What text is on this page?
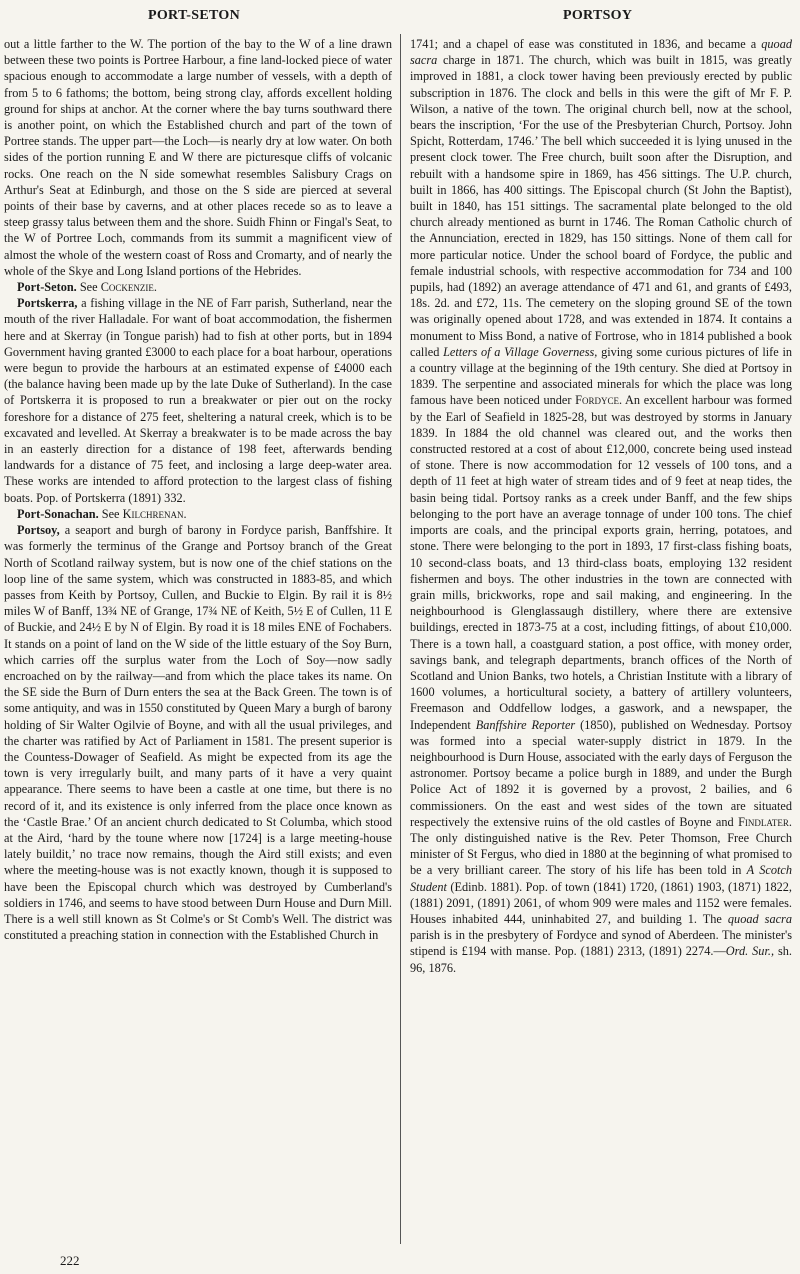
PORT-SETON	PORTSOY

out a little farther to the W. The portion of the bay to the W of a line drawn between these two points is Portree Harbour, a fine land-locked piece of water spacious enough to accommodate a large number of vessels, with a depth of from 5 to 6 fathoms; the bottom, being strong clay, affords excellent holding ground for ships at anchor. At the corner where the bay turns southward there is another point, on which the Established church and part of the town of Portree stands. The upper part—the Loch—is nearly dry at low water. On both sides of the portion running E and W there are picturesque cliffs of volcanic rocks. One reach on the N side somewhat resembles Salisbury Crags on Arthur's Seat at Edinburgh, and those on the S side are pierced at several points of their base by caverns, and at other places recede so as to leave a steep grassy talus between them and the shore. Suidh Fhinn or Fingal's Seat, to the W of Portree Loch, commands from its summit a magnificent view of almost the whole of the western coast of Ross and Cromarty, and of nearly the whole of the Skye and Long Island portions of the Hebrides.

Port-Seton. See Cockenzie.

Portskerra, a fishing village in the NE of Farr parish, Sutherland, near the mouth of the river Halladale. For want of boat accommodation, the fishermen here and at Skerray (in Tongue parish) had to fish at other ports, but in 1894 Government having granted £3000 to each place for a boat harbour, operations were begun to provide the harbours at an estimated expense of £4000 each (the balance having been made up by the late Duke of Sutherland). In the case of Portskerra it is proposed to run a breakwater or pier out on the rocky foreshore for a distance of 275 feet, sheltering a natural creek, which is to be excavated and levelled. At Skerray a breakwater is to be made across the bay in an easterly direction for a distance of 198 feet, afterwards bending landwards for a distance of 75 feet, and inclosing a large deep-water area. These works are intended to afford protection to the largest class of fishing boats. Pop. of Portskerra (1891) 332.

Port-Sonachan. See Kilchrenan.

Portsoy, a seaport and burgh of barony in Fordyce parish, Banffshire. It was formerly the terminus of the Grange and Portsoy branch of the Great North of Scotland railway system, but is now one of the chief stations on the loop line of the same system, which was constructed in 1883-85, and which passes from Keith by Portsoy, Cullen, and Buckie to Elgin. By rail it is 8½ miles W of Banff, 13¾ NE of Grange, 17¾ NE of Keith, 5½ E of Cullen, 11 E of Buckie, and 24½ E by N of Elgin. By road it is 18 miles ENE of Fochabers. It stands on a point of land on the W side of the little estuary of the Soy Burn, which carries off the surplus water from the Loch of Soy—now sadly encroached on by the railway—and from which the place takes its name. On the SE side the Burn of Durn enters the sea at the Back Green. The town is of some antiquity, and was in 1550 constituted by Queen Mary a burgh of barony holding of Sir Walter Ogilvie of Boyne, and with all the usual privileges, and the charter was ratified by Act of Parliament in 1581. The present superior is the Countess-Dowager of Seafield. As might be expected from its age the town is very irregularly built, and many parts of it have a very quaint appearance. There seems to have been a castle at one time, but there is no record of it, and its existence is only inferred from the place once known as the ‘Castle Brae.’ Of an ancient church dedicated to St Columba, which stood at the Aird, ‘hard by the toune where now [1724] is a large meeting-house lately buildit,’ no trace now remains, though the Aird still exists; and even where the meeting-house was is not exactly known, though it is supposed to have been the Episcopal church which was destroyed by Cumberland's soldiers in 1746, and seems to have stood between Durn House and Durn Mill. There is a well still known as St Colme's or St Comb's Well. The district was constituted a preaching station in connection with the Established Church in

1741; and a chapel of ease was constituted in 1836, and became a quoad sacra charge in 1871. The church, which was built in 1815, was greatly improved in 1881, a clock tower having been previously erected by public subscription in 1876. The clock and bells in this were the gift of Mr F. P. Wilson, a native of the town. The original church bell, now at the school, bears the inscription, ‘For the use of the Presbyterian Church, Portsoy. John Spicht, Rotterdam, 1746.’ The bell which succeeded it is lying unused in the present clock tower. The Free church, built soon after the Disruption, and rebuilt with a handsome spire in 1869, has 456 sittings. The U.P. church, built in 1866, has 400 sittings. The Episcopal church (St John the Baptist), built in 1840, has 151 sittings. The sacramental plate belonged to the old church already mentioned as burnt in 1746. The Roman Catholic church of the Annunciation, erected in 1829, has 150 sittings. None of them call for more particular notice. Under the school board of Fordyce, the public and female industrial schools, with respective accommodation for 734 and 100 pupils, had (1892) an average attendance of 471 and 61, and grants of £493, 18s. 2d. and £72, 11s. The cemetery on the sloping ground SE of the town was originally opened about 1728, and was extended in 1874. It contains a monument to Miss Bond, a native of Fortrose, who in 1814 published a book called Letters of a Village Governess, giving some curious pictures of life in a country village at the beginning of the 19th century. She died at Portsoy in 1839. The serpentine and associated minerals for which the place was long famous have been noticed under Fordyce. An excellent harbour was formed by the Earl of Seafield in 1825-28, but was destroyed by storms in January 1839. In 1884 the old channel was cleared out, and the works then constructed restored at a cost of about £12,000, concrete being used instead of stone. There is now accommodation for 12 vessels of 100 tons, and a depth of 11 feet at high water of stream tides and of 9 feet at neap tides, the basin being tidal. Portsoy ranks as a creek under Banff, and the few ships belonging to the port have an average tonnage of under 100 tons. The chief imports are coals, and the principal exports grain, herring, potatoes, and stone. There were belonging to the port in 1893, 17 first-class fishing boats, 10 second-class boats, and 13 third-class boats, employing 132 resident fishermen and boys. The other industries in the town are connected with grain mills, brickworks, rope and sail making, and engineering. In the neighbourhood is Glenglassaugh distillery, where there are extensive buildings, erected in 1873-75 at a cost, including fittings, of about £10,000. There is a town hall, a coastguard station, a post office, with money order, savings bank, and telegraph departments, branch offices of the North of Scotland and Union Banks, two hotels, a Christian Institute with a library of 1600 volumes, a horticultural society, a battery of artillery volunteers, Freemason and Oddfellow lodges, a gaswork, and a newspaper, the Independent Banffshire Reporter (1850), published on Wednesday. Portsoy was formed into a special water-supply district in 1879. In the neighbourhood is Durn House, associated with the early days of Ferguson the astronomer. Portsoy became a police burgh in 1889, and under the Burgh Police Act of 1892 it is governed by a provost, 2 bailies, and 6 commissioners. On the east and west sides of the town are situated respectively the extensive ruins of the old castles of Boyne and Findlater. The only distinguished native is the Rev. Peter Thomson, Free Church minister of St Fergus, who died in 1880 at the beginning of what promised to be a very brilliant career. The story of his life has been told in A Scotch Student (Edinb. 1881). Pop. of town (1841) 1720, (1861) 1903, (1871) 1822, (1881) 2091, (1891) 2061, of whom 909 were males and 1152 were females. Houses inhabited 444, uninhabited 27, and building 1. The quoad sacra parish is in the presbytery of Fordyce and synod of Aberdeen. The minister's stipend is £194 with manse. Pop. (1881) 2313, (1891) 2274.—Ord. Sur., sh. 96, 1876.

222
